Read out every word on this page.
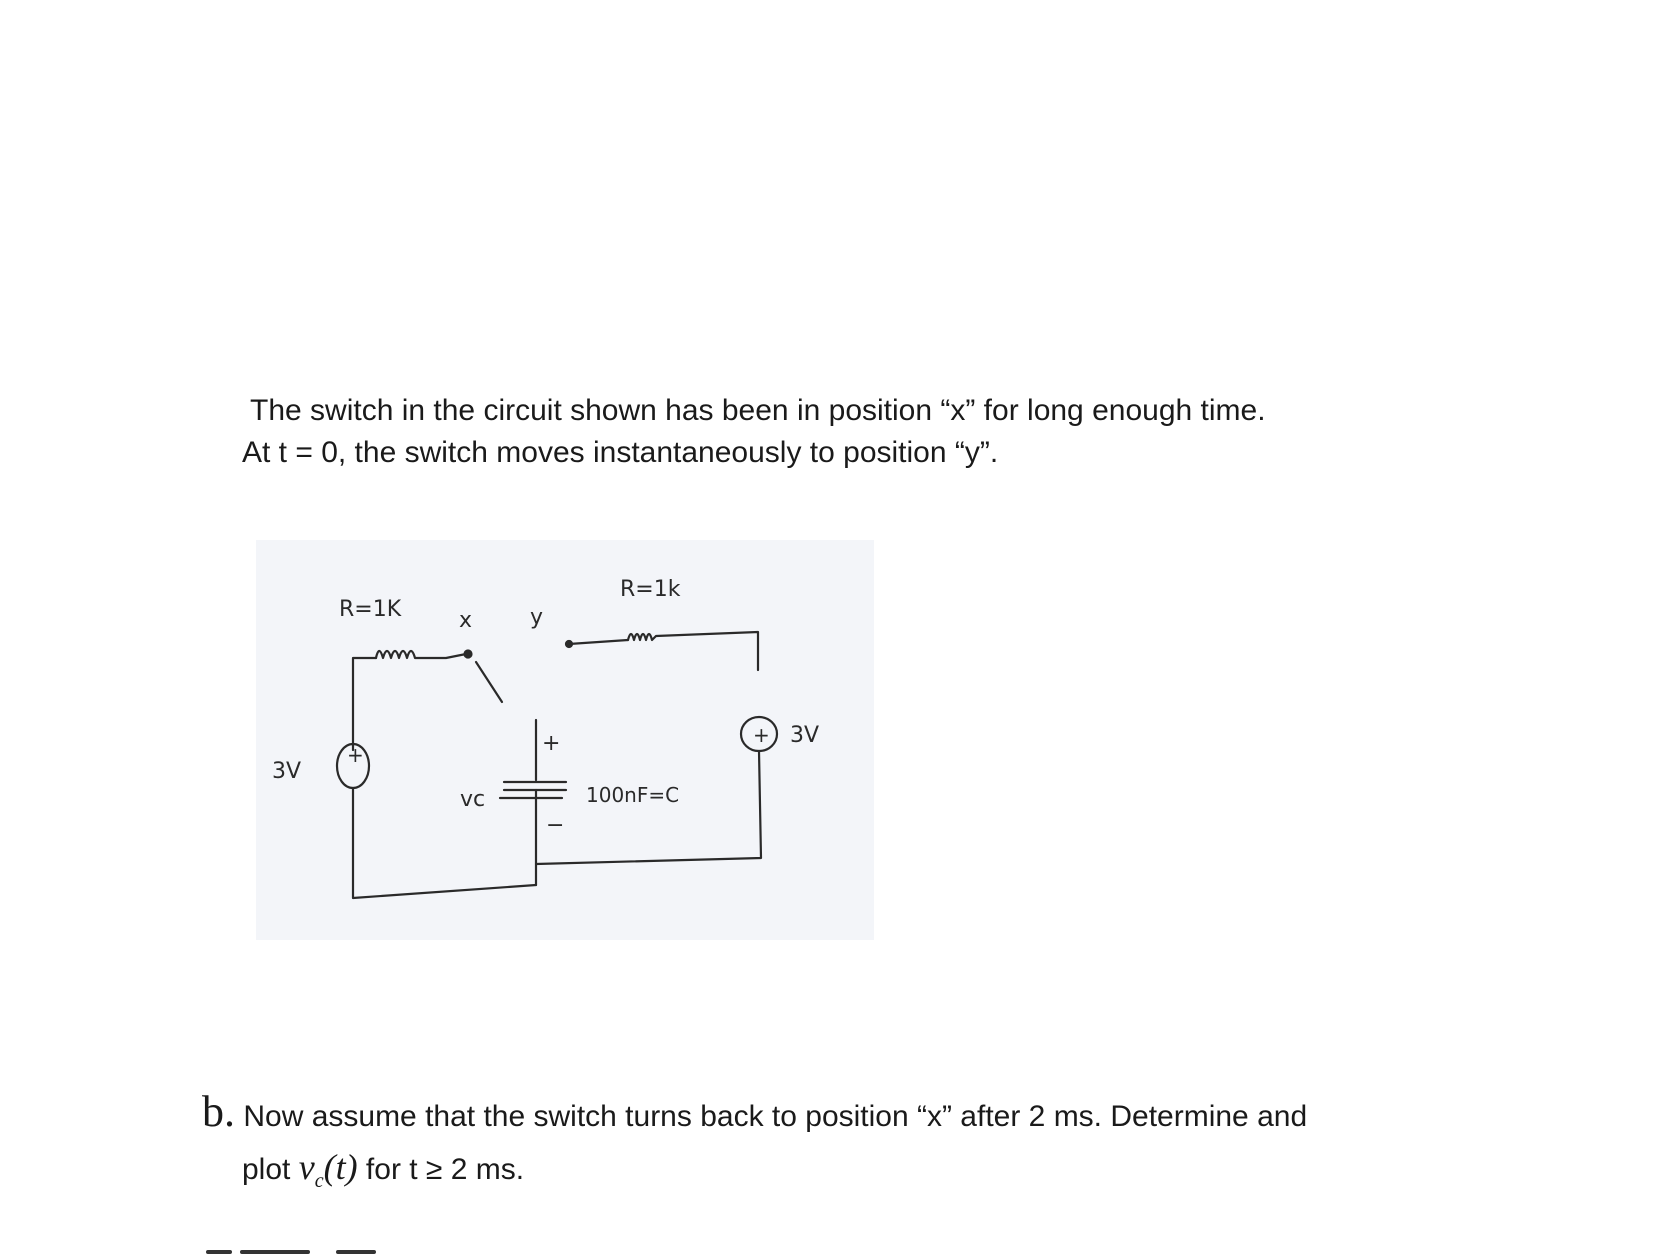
The switch in the circuit shown has been in position “x” for long enough time.
At t = 0, the switch moves instantaneously to position “y”.
R=1K
R=1k
x	y
3V
3V
vc	100nF=C
+
−
+
+
b. Now assume that the switch turns back to position “x” after 2 ms. Determine and
plot $v_c(t)$ for t ≥ 2 ms.
